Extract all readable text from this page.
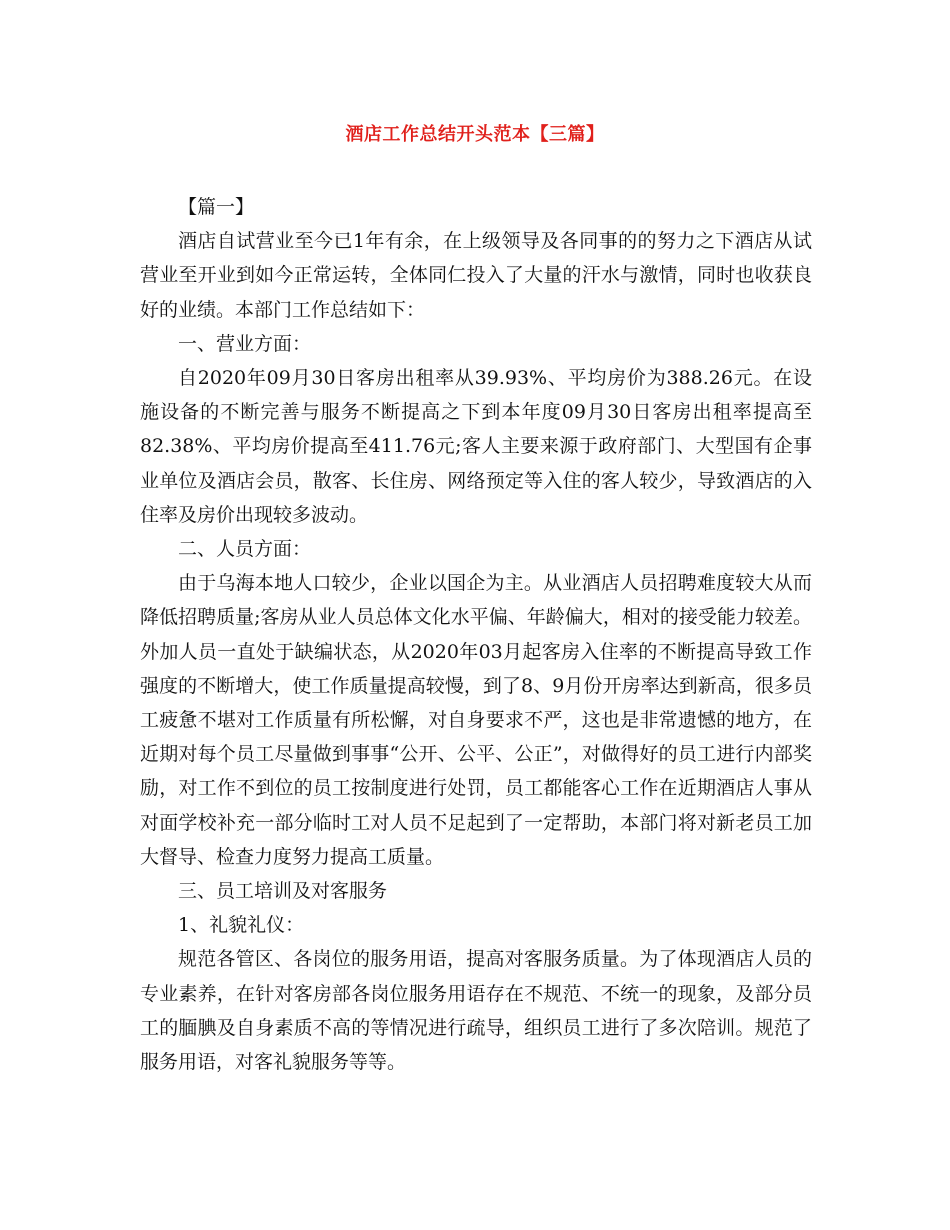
酒店工作总结开头范本【三篇】

【篇一】

酒店自试营业至今已1年有余，在上级领导及各同事的的努力之下酒店从试营业至开业到如今正常运转，全体同仁投入了大量的汗水与激情，同时也收获良好的业绩。本部门工作总结如下：

一、营业方面：

自2020年09月30日客房出租率从39.93%、平均房价为388.26元。在设施设备的不断完善与服务不断提高之下到本年度09月30日客房出租率提高至82.38%、平均房价提高至411.76元;客人主要来源于政府部门、大型国有企事业单位及酒店会员，散客、长住房、网络预定等入住的客人较少，导致酒店的入住率及房价出现较多波动。

二、人员方面：

由于乌海本地人口较少，企业以国企为主。从业酒店人员招聘难度较大从而降低招聘质量;客房从业人员总体文化水平偏、年龄偏大，相对的接受能力较差。外加人员一直处于缺编状态，从2020年03月起客房入住率的不断提高导致工作强度的不断增大，使工作质量提高较慢，到了8、9月份开房率达到新高，很多员工疲惫不堪对工作质量有所松懈，对自身要求不严，这也是非常遗憾的地方，在近期对每个员工尽量做到事事“公开、公平、公正”，对做得好的员工进行内部奖励，对工作不到位的员工按制度进行处罚，员工都能客心工作在近期酒店人事从对面学校补充一部分临时工对人员不足起到了一定帮助，本部门将对新老员工加大督导、检查力度努力提高工质量。

三、员工培训及对客服务

1、礼貌礼仪：

规范各管区、各岗位的服务用语，提高对客服务质量。为了体现酒店人员的专业素养，在针对客房部各岗位服务用语存在不规范、不统一的现象，及部分员工的腼腆及自身素质不高的等情况进行疏导，组织员工进行了多次陪训。规范了服务用语，对客礼貌服务等等。
